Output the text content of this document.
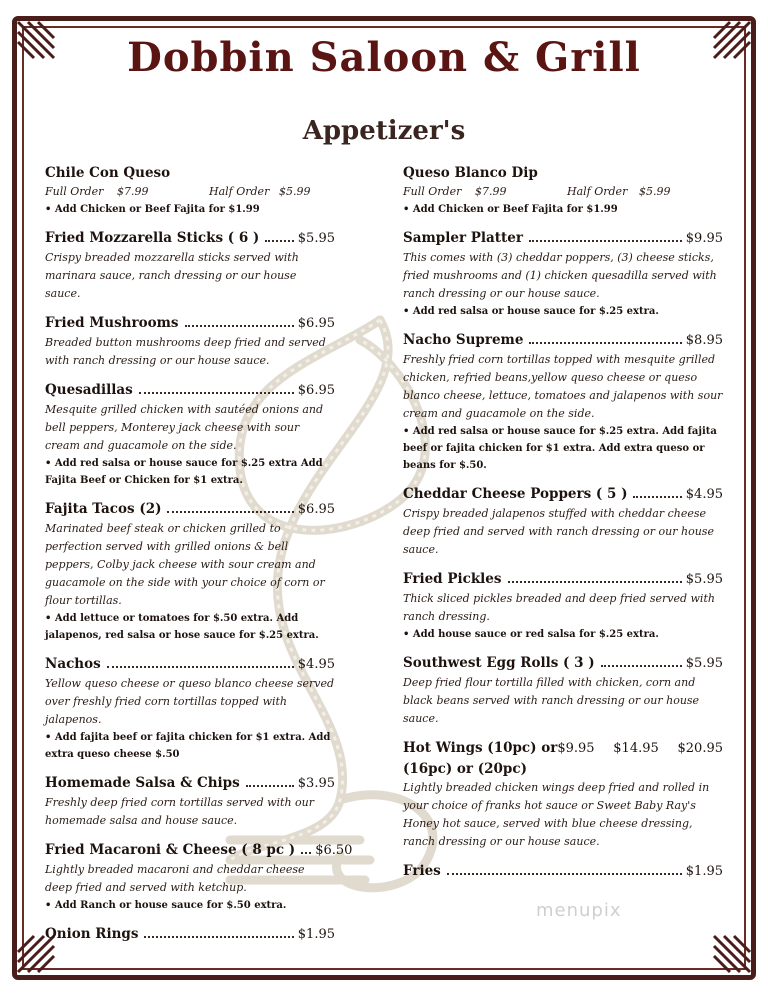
Dobbin Saloon & Grill
Appetizer's
Chile Con Queso
Full Order	$7.99	Half Order $5.99
• Add Chicken or Beef Fajita for $1.99
Fried Mozzarella Sticks ( 6 )	$5.95
Crispy breaded mozzarella sticks served with marinara sauce, ranch dressing or our house sauce.
Fried Mushrooms	$6.95
Breaded button mushrooms deep fried and served with ranch dressing or our house sauce.
Quesadillas	$6.95
Mesquite grilled chicken with sautéed onions and bell peppers, Monterey jack cheese with sour cream and guacamole on the side.
• Add red salsa or house sauce for $.25 extra Add Fajita Beef or Chicken for $1 extra.
Fajita Tacos (2)	$6.95
Marinated beef steak or chicken grilled to perfection served with grilled onions & bell peppers, Colby jack cheese with sour cream and guacamole on the side with your choice of corn or flour tortillas.
• Add lettuce or tomatoes for $.50 extra. Add jalapenos, red salsa or hose sauce for $.25 extra.
Nachos	$4.95
Yellow queso cheese or queso blanco cheese served over freshly fried corn tortillas topped with jalapenos.
• Add fajita beef or fajita chicken for $1 extra. Add extra queso cheese $.50
Homemade Salsa & Chips	$3.95
Freshly deep fried corn tortillas served with our homemade salsa and house sauce.
Fried Macaroni & Cheese ( 8 pc ) $6.50
Lightly breaded macaroni and cheddar cheese deep fried and served with ketchup.
• Add Ranch or house sauce for $.50 extra.
Onion Rings	$1.95
Queso Blanco Dip
Full Order	$7.99	Half Order	$5.99
• Add Chicken or Beef Fajita for $1.99
Sampler Platter	$9.95
This comes with (3) cheddar poppers, (3) cheese sticks, fried mushrooms and (1) chicken quesadilla served with ranch dressing or our house sauce.
• Add red salsa or house sauce for $.25 extra.
Nacho Supreme	$8.95
Freshly fried corn tortillas topped with mesquite grilled chicken, refried beans,yellow queso cheese or queso blanco cheese, lettuce, tomatoes and jalapenos with sour cream and guacamole on the side.
• Add red salsa or house sauce for $.25 extra. Add fajita beef or fajita chicken for $1 extra. Add extra queso or beans for $.50.
Cheddar Cheese Poppers ( 5 )	$4.95
Crispy breaded jalapenos stuffed with cheddar cheese deep fried and served with ranch dressing or our house sauce.
Fried Pickles	$5.95
Thick sliced pickles breaded and deep fried served with ranch dressing.
• Add house sauce or red salsa for $.25 extra.
Southwest Egg Rolls ( 3 )	$5.95
Deep fried flour tortilla filled with chicken, corn and black beans served with ranch dressing or our house sauce.
Hot Wings (10pc) or $9.95 $14.95 $20.95
(16pc) or (20pc)
Lightly breaded chicken wings deep fried and rolled in your choice of franks hot sauce or Sweet Baby Ray's Honey hot sauce, served with blue cheese dressing, ranch dressing or our house sauce.
Fries	$1.95
menupix
